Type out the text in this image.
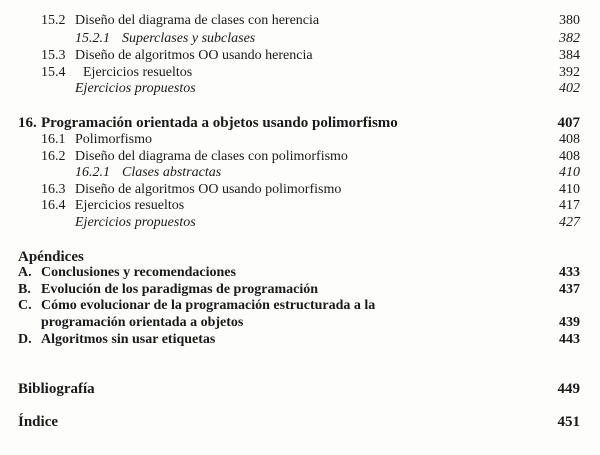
15.2 Diseño del diagrama de clases con herencia	380
15.2.1 Superclases y subclases	382
15.3 Diseño de algoritmos OO usando herencia	384
15.4 Ejercicios resueltos	392
Ejercicios propuestos	402
16. Programación orientada a objetos usando polimorfismo	407
16.1 Polimorfismo	408
16.2 Diseño del diagrama de clases con polimorfismo	408
16.2.1 Clases abstractas	410
16.3 Diseño de algoritmos OO usando polimorfismo	410
16.4 Ejercicios resueltos	417
Ejercicios propuestos	427
Apéndices
A. Conclusiones y recomendaciones	433
B. Evolución de los paradigmas de programación	437
C. Cómo evolucionar de la programación estructurada a la
programación orientada a objetos	439
D. Algoritmos sin usar etiquetas	443
Bibliografía	449
Índice	451
